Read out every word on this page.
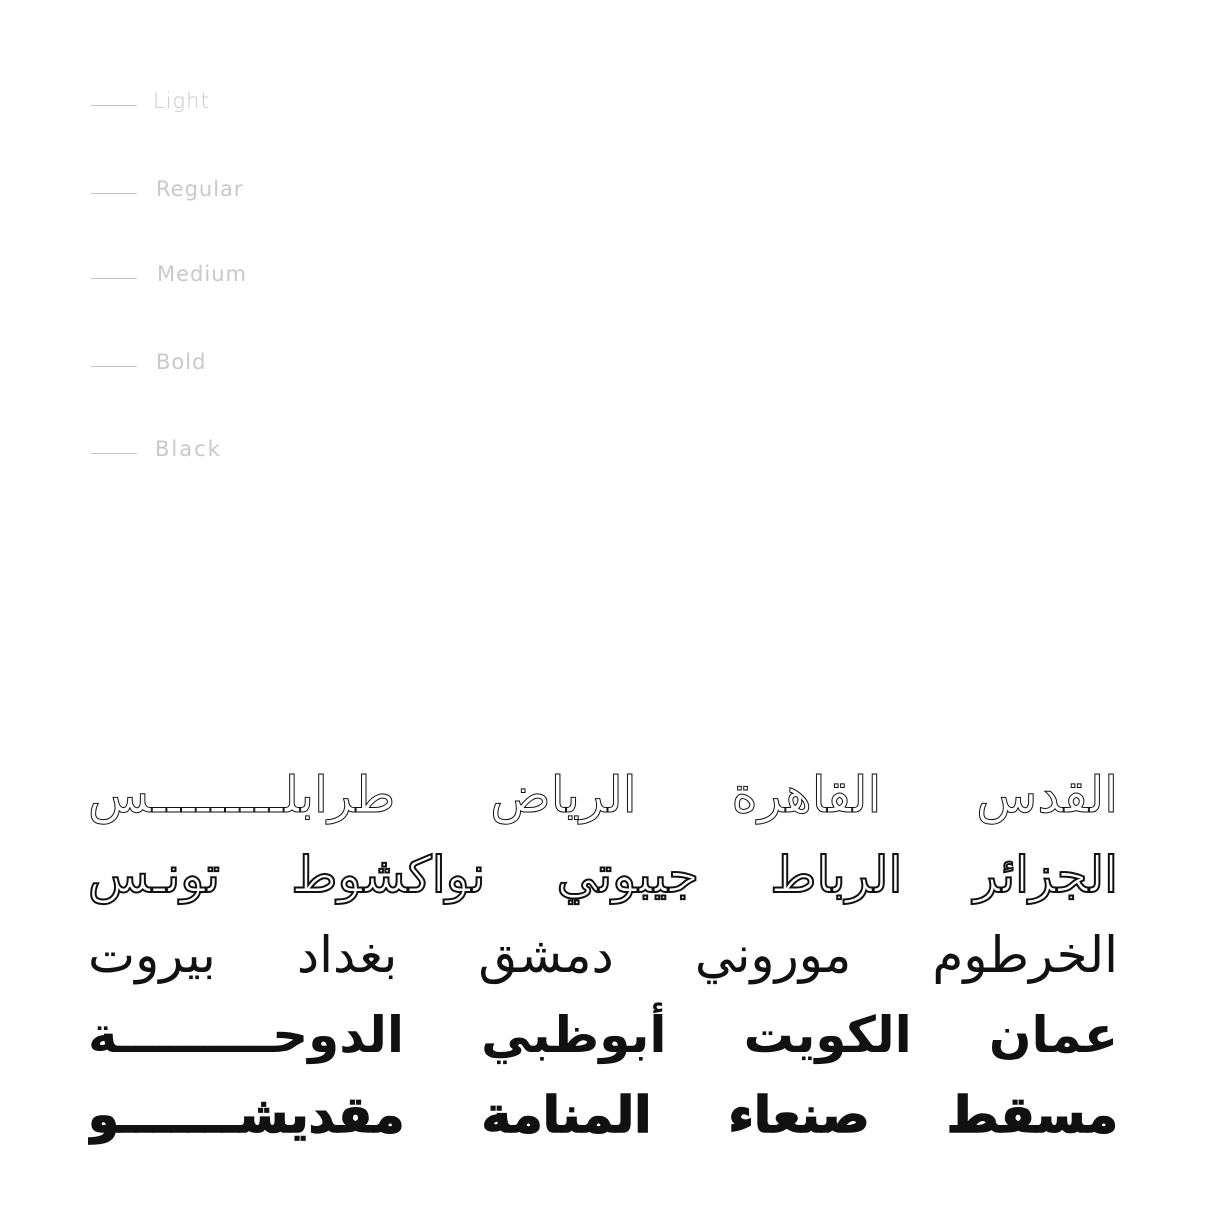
Light
Regular
Medium
Bold
Black
القدس القاهرة الرياض طرابلـــــــــس
الجزائر الرباط جيبوتي نواكشوط تونـس
الخرطوم موروني دمشق بغداد بيروت
عمان الكويت أبوظبي الدوحـــــــــة
مسقط صنعاء المنامة مقديشـــــــو
